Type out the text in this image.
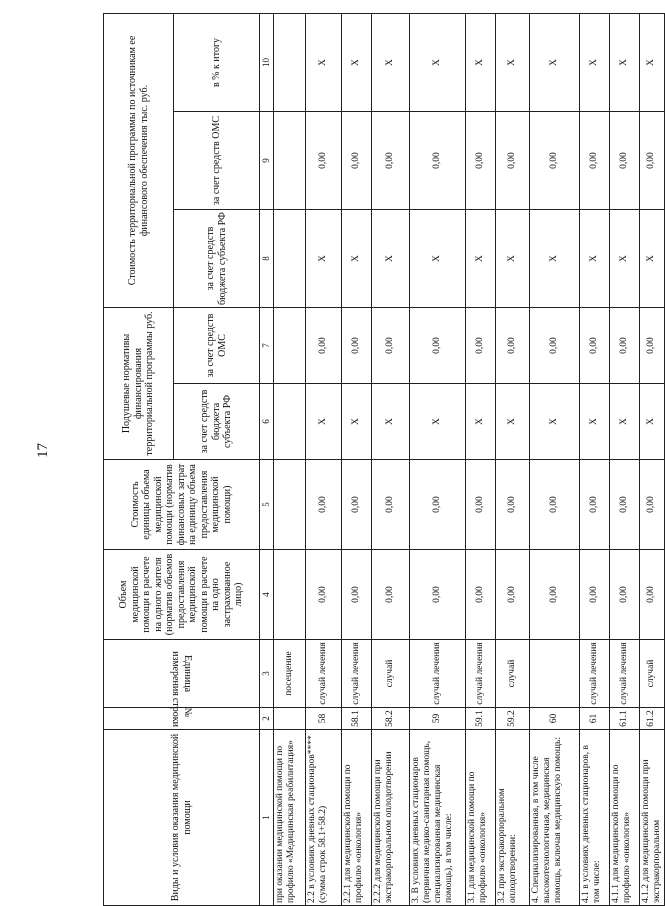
17
Виды и условия оказания медицинской помощи	№ строки	Единица измерения	Объем медицинской помощи в расчете на одного жителя (норматив объемов предоставления медицинской помощи в расчете на одно застрахованное лицо)	Стоимость единицы объема медицинской помощи (норматив финансовых затрат на единицу объема предоставления медицинской помощи)	Подушевые нормативы финансирования территориальной программы руб.		Стоимость территориальной программы по источникам ее финансового обеспечения тыс. руб.		
					за счет средств бюджета субъекта РФ	за счет средств ОМС	за счет средств бюджета субъекта РФ	за счет средств ОМС	в % к итогу
1	2	3	4	5	6	7	8	9	10
при оказании медицинской помощи по профилю «Медицинская реабилитация»		посещение							
2.2 в условиях дневных стационаров**** (сумма строк 58.1+58.2)	58	случай лечения	0,00	0,00	Х	0,00	Х	0,00	Х
2.2.1 для медицинской помощи по профилю «онкология»	58.1	случай лечения	0,00	0,00	Х	0,00	Х	0,00	Х
2.2.2 для медицинской помощи при экстракорпоральном оплодотворении	58.2	случай	0,00	0,00	Х	0,00	Х	0,00	Х
3. В условиях дневных стационаров (первичная медико-санитарная помощь, специализированная медицинская помощь), в том числе:	59	случай лечения	0,00	0,00	Х	0,00	Х	0,00	Х
3.1 для медицинской помощи по профилю «онкология»	59.1	случай лечения	0,00	0,00	Х	0,00	Х	0,00	Х
3.2 при экстракорпоральном оплодотворении:	59.2	случай	0,00	0,00	Х	0,00	Х	0,00	Х
4. Специализированная, в том числе высокотехнологичная, медицинская помощь, включая медицинскую помощь:	60		0,00	0,00	Х	0,00	Х	0,00	Х
4.1 в условиях дневных стационаров, в том числе:	61	случай лечения	0,00	0,00	Х	0,00	Х	0,00	Х
4.1.1 для медицинской помощи по профилю «онкология»	61.1	случай лечения	0,00	0,00	Х	0,00	Х	0,00	Х
4.1.2 для медицинской помощи при экстракорпоральном	61.2	случай	0,00	0,00	Х	0,00	Х	0,00	Х
